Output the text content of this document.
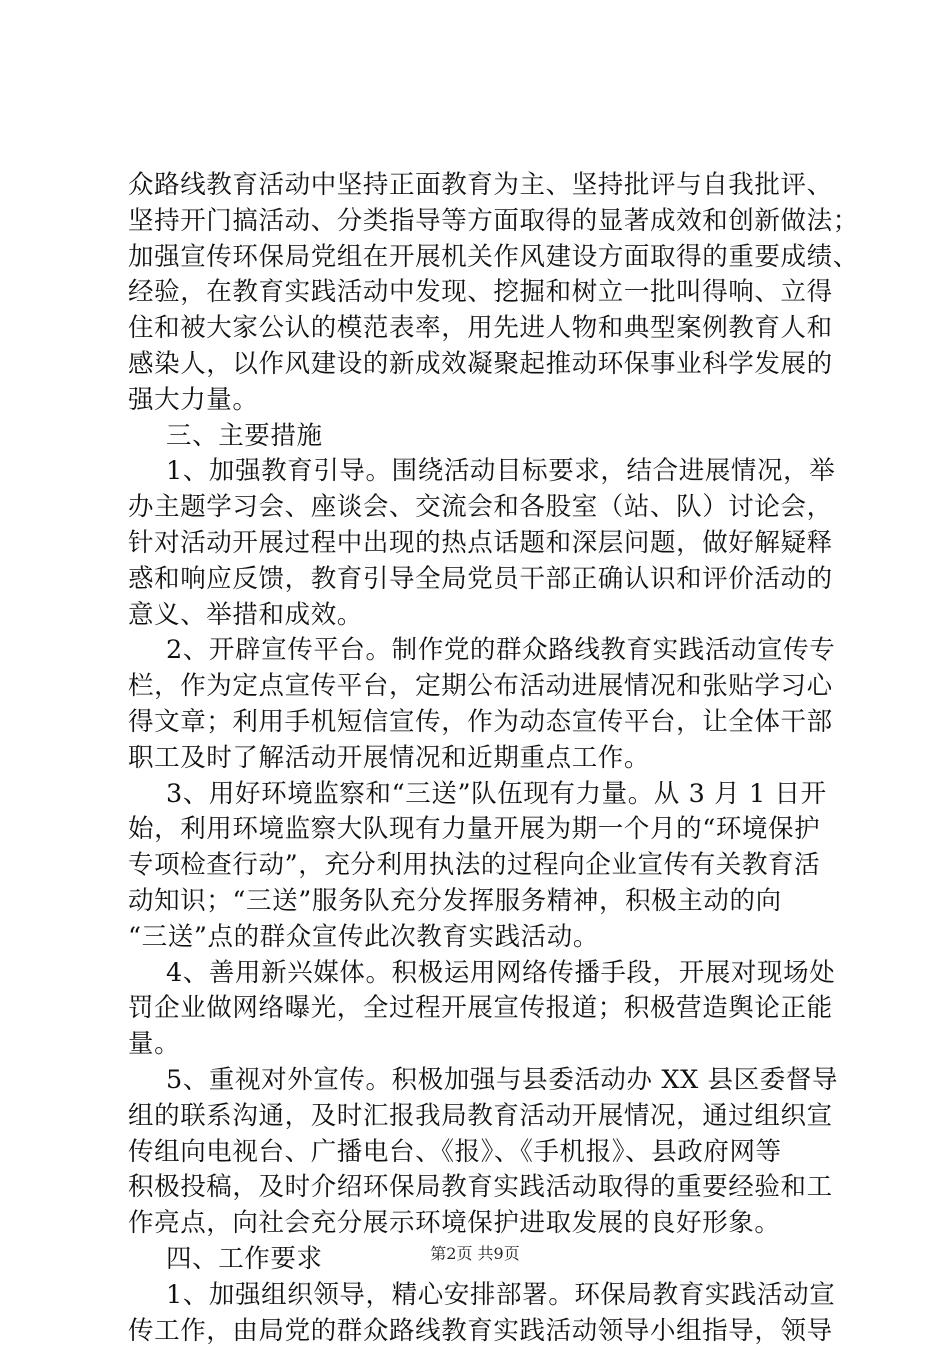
众路线教育活动中坚持正面教育为主、坚持批评与自我批评、
坚持开门搞活动、分类指导等方面取得的显著成效和创新做法；
加强宣传环保局党组在开展机关作风建设方面取得的重要成绩、
经验，在教育实践活动中发现、挖掘和树立一批叫得响、立得
住和被大家公认的模范表率，用先进人物和典型案例教育人和
感染人，以作风建设的新成效凝聚起推动环保事业科学发展的
强大力量。
三、主要措施
1、加强教育引导。围绕活动目标要求，结合进展情况，举
办主题学习会、座谈会、交流会和各股室（站、队）讨论会，
针对活动开展过程中出现的热点话题和深层问题，做好解疑释
惑和响应反馈，教育引导全局党员干部正确认识和评价活动的
意义、举措和成效。
2、开辟宣传平台。制作党的群众路线教育实践活动宣传专
栏，作为定点宣传平台，定期公布活动进展情况和张贴学习心
得文章；利用手机短信宣传，作为动态宣传平台，让全体干部
职工及时了解活动开展情况和近期重点工作。
3、用好环境监察和“三送”队伍现有力量。从 3 月 1 日开
始，利用环境监察大队现有力量开展为期一个月的“环境保护
专项检查行动”，充分利用执法的过程向企业宣传有关教育活
动知识；“三送”服务队充分发挥服务精神，积极主动的向
“三送”点的群众宣传此次教育实践活动。
4、善用新兴媒体。积极运用网络传播手段，开展对现场处
罚企业做网络曝光，全过程开展宣传报道；积极营造舆论正能
量。
5、重视对外宣传。积极加强与县委活动办 XX 县区委督导
组的联系沟通，及时汇报我局教育活动开展情况，通过组织宣
传组向电视台、广播电台、《报》、《手机报》、县政府网等
积极投稿，及时介绍环保局教育实践活动取得的重要经验和工
作亮点，向社会充分展示环境保护进取发展的良好形象。
四、工作要求
1、加强组织领导，精心安排部署。环保局教育实践活动宣
传工作，由局党的群众路线教育实践活动领导小组指导，领导
第2页 共9页
